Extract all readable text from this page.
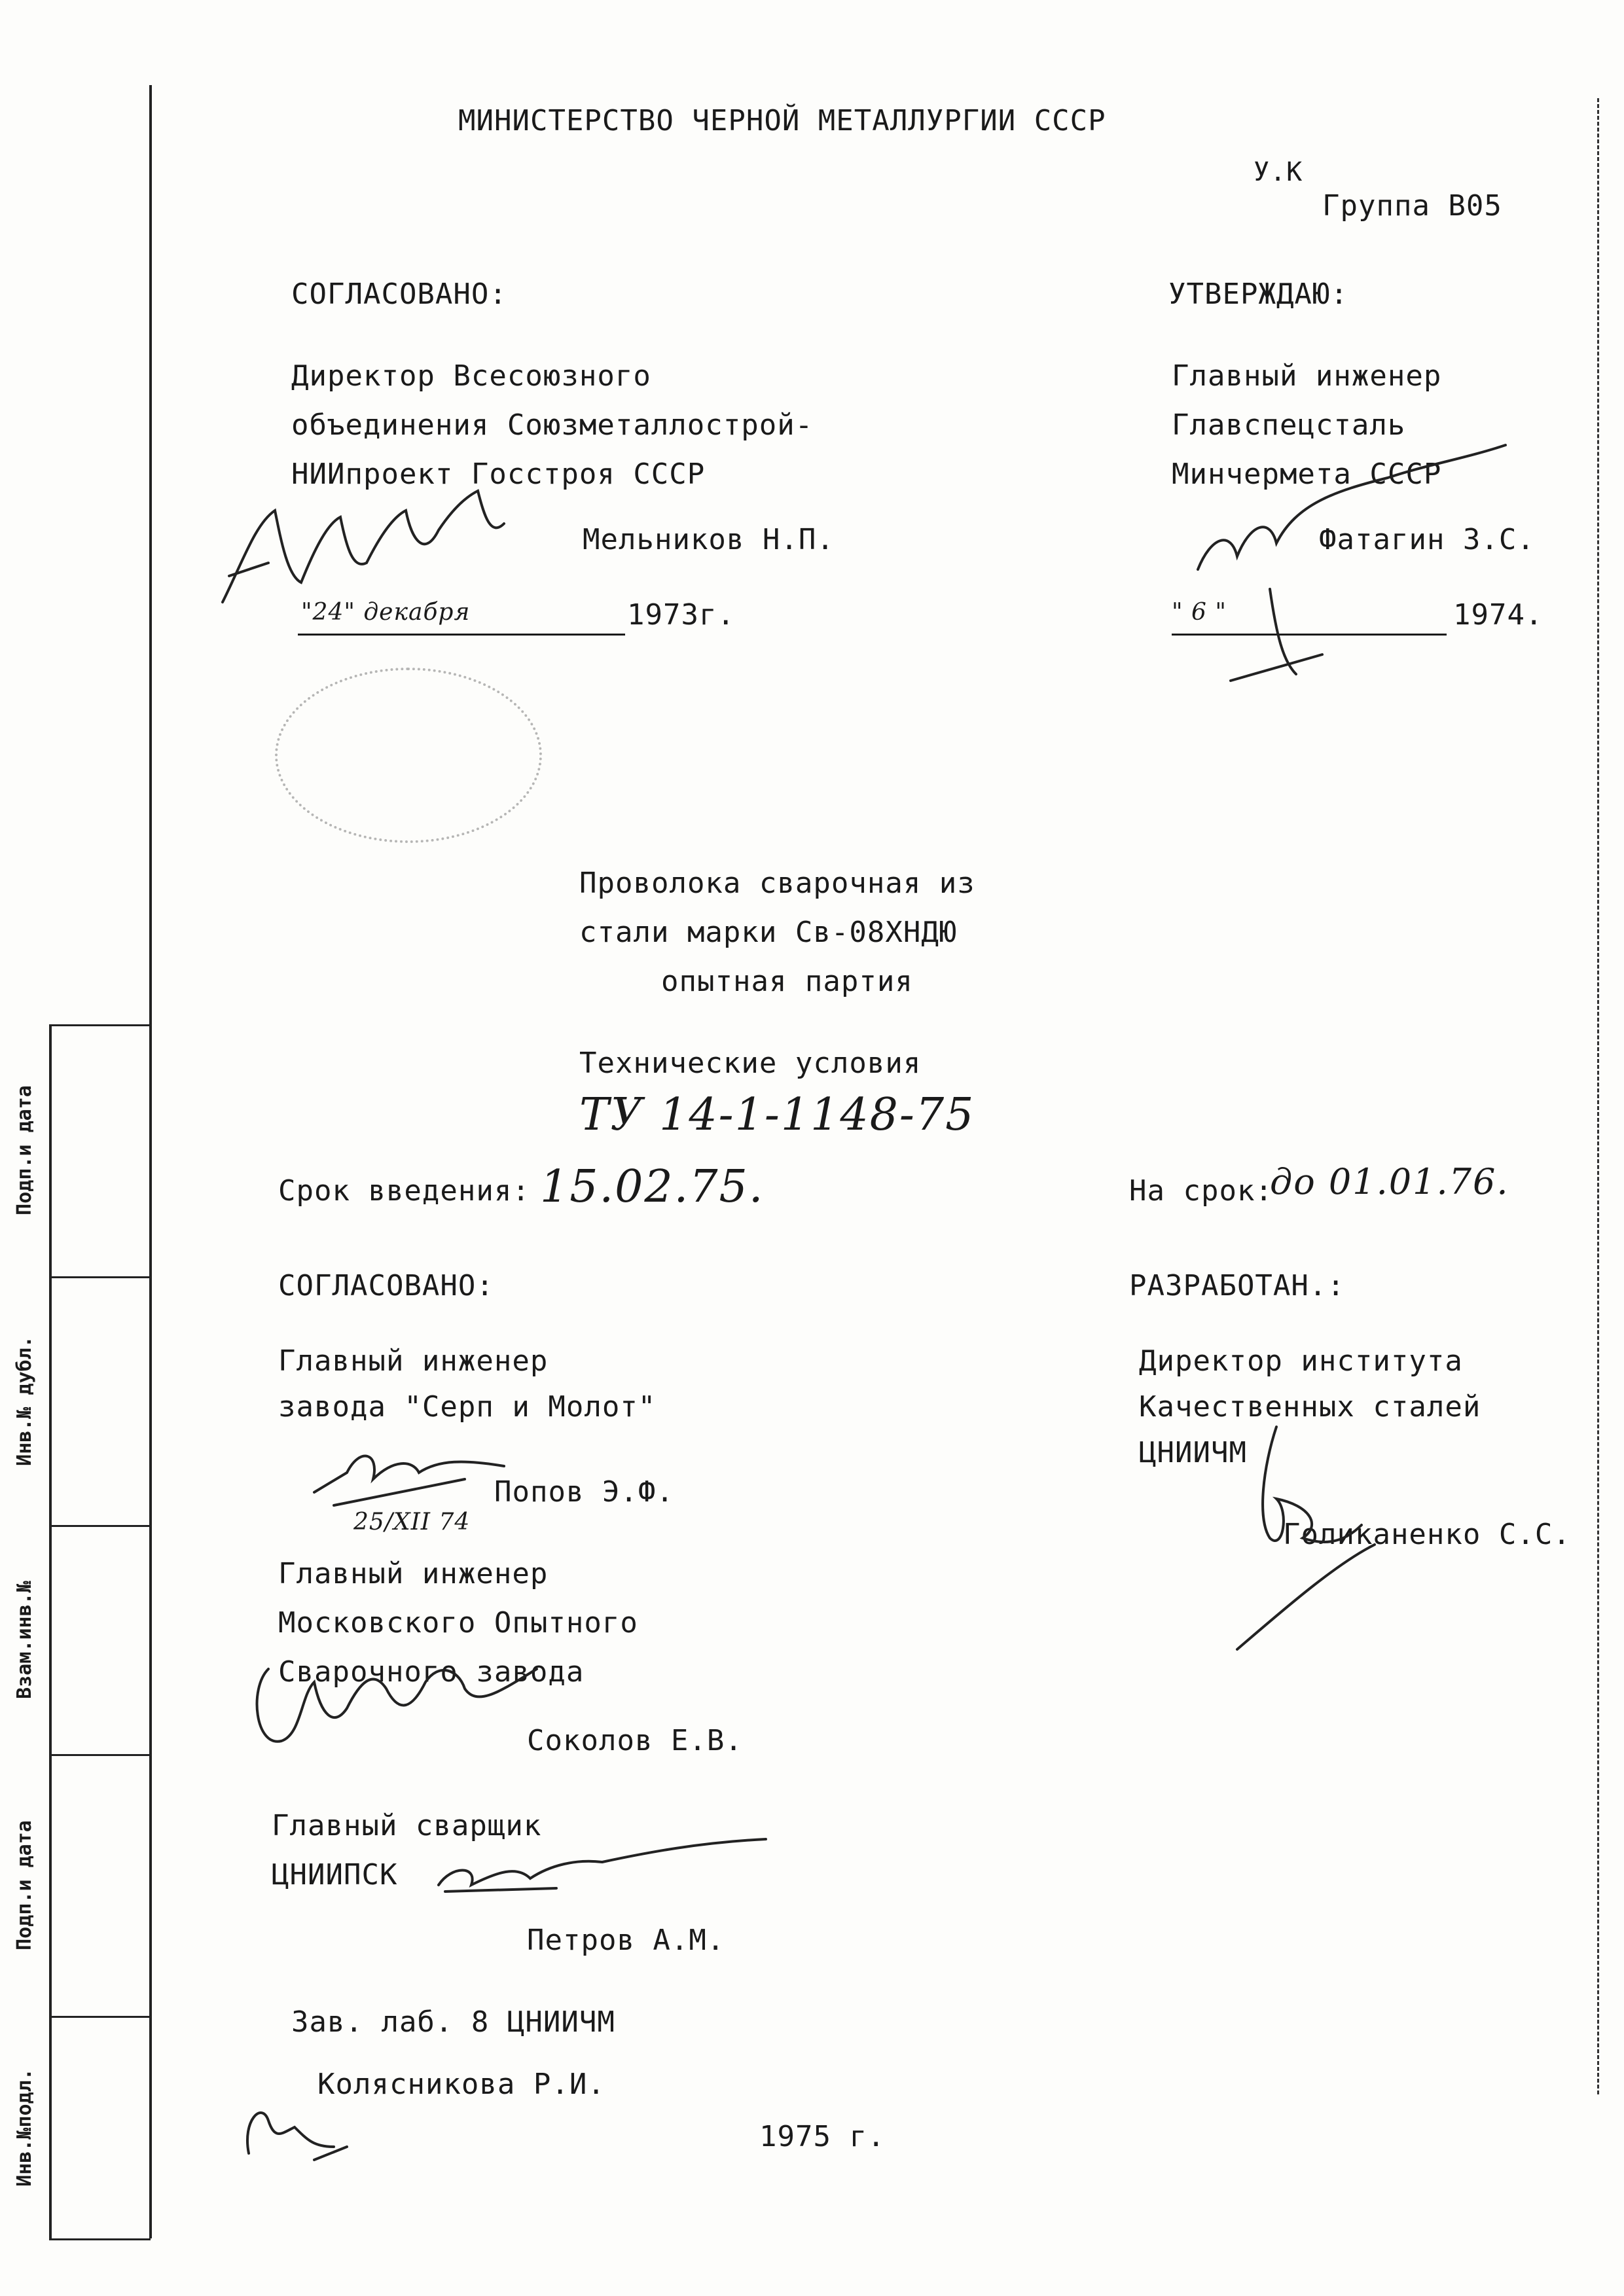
Подп.и дата
Инв.№ дубл.
Взам.инв.№
Подп.и дата
Инв.№подл.
МИНИСТЕРСТВО ЧЕРНОЙ МЕТАЛЛУРГИИ СССР
У.К
Группа В05
СОГЛАСОВАНО:
Директор Всесоюзного
объединения Союзметаллострой-
НИИпроект Госстроя СССР
Мельников Н.П.
"24" декабря	1973г.
УТВЕРЖДАЮ:
Главный инженер
Главспецсталь
Минчермета СССР
Фатагин З.С.
" 6 "	1974.
Проволока сварочная из
стали марки Св-08ХНДЮ
опытная партия
Технические условия
ТУ 14-1-1148-75
Срок введения: 15.02.75.	На срок:
до 01.01.76.
СОГЛАСОВАНО:
Главный инженер
завода "Серп и Молот"
Попов Э.Ф.
25/XII 74
Главный инженер
Московского Опытного
Сварочного завода
Соколов Е.В.
Главный сварщик
ЦНИИПСК
Петров А.М.
Зав. лаб. 8 ЦНИИЧМ
Колясникова Р.И.
1975 г.
РАЗРАБОТАН.:
Директор института
Качественных сталей
ЦНИИЧМ
Голиканенко С.С.
